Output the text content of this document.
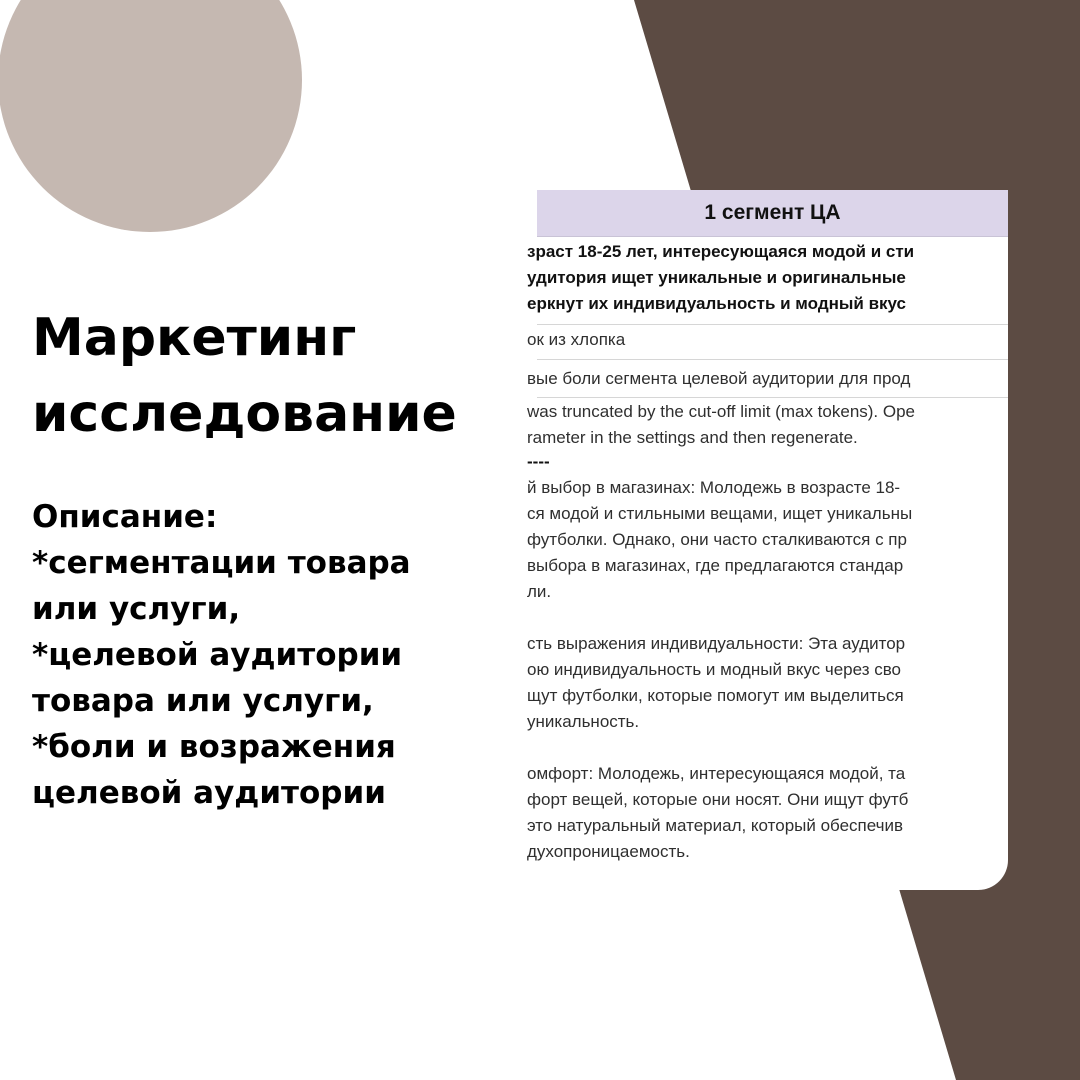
Маркетинг
исследование
Описание:
*сегментации товара
или услуги,
*целевой аудитории
товара или услуги,
*боли и возражения
целевой аудитории
1 сегмент ЦА
зраст 18-25 лет, интересующаяся модой и сти
удитория ищет уникальные и оригинальные
еркнут их индивидуальность и модный вкус
ок из хлопка
вые боли сегмента целевой аудитории для прод
was truncated by the cut-off limit (max tokens). Ope
rameter in the settings and then regenerate.
----
й выбор в магазинах: Молодежь в возрасте 18-
ся модой и стильными вещами, ищет уникальны
футболки. Однако, они часто сталкиваются с пр
выбора в магазинах, где предлагаются стандар
ли.
сть выражения индивидуальности: Эта аудитор
ою индивидуальность и модный вкус через сво
щут футболки, которые помогут им выделиться
уникальность.
омфорт: Молодежь, интересующаяся модой, та
форт вещей, которые они носят. Они ищут футб
это натуральный материал, который обеспечив
духопроницаемость.
